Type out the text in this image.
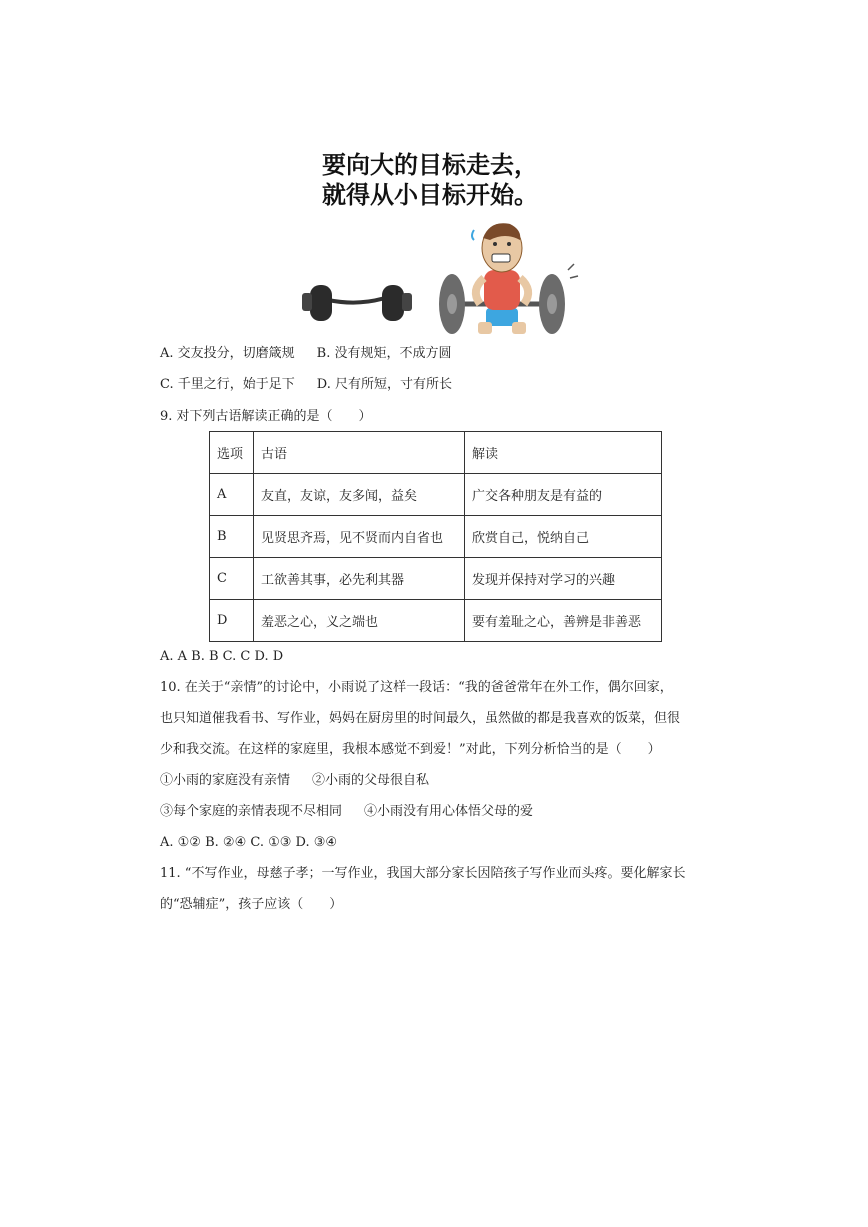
要向大的目标走去，
就得从小目标开始。
A. 交友投分，切磨箴规 B. 没有规矩，不成方圆
C. 千里之行，始于足下 D. 尺有所短，寸有所长
9. 对下列古语解读正确的是（　　）
选项	古语	解读
A	友直，友谅，友多闻，益矣	广交各种朋友是有益的
B	见贤思齐焉，见不贤而内自省也	欣赏自己，悦纳自己
C	工欲善其事，必先利其器	发现并保持对学习的兴趣
D	羞恶之心，义之端也	要有羞耻之心，善辨是非善恶
A. A B. B C. C D. D
10. 在关于“亲情”的讨论中，小雨说了这样一段话：“我的爸爸常年在外工作，偶尔回家，
也只知道催我看书、写作业，妈妈在厨房里的时间最久，虽然做的都是我喜欢的饭菜，但很
少和我交流。在这样的家庭里，我根本感觉不到爱！”对此，下列分析恰当的是（　　）
①小雨的家庭没有亲情 ②小雨的父母很自私
③每个家庭的亲情表现不尽相同 ④小雨没有用心体悟父母的爱
A. ①② B. ②④ C. ①③ D. ③④
11. “不写作业，母慈子孝；一写作业，我国大部分家长因陪孩子写作业而头疼。要化解家长
的“恐辅症”，孩子应该（　　）
